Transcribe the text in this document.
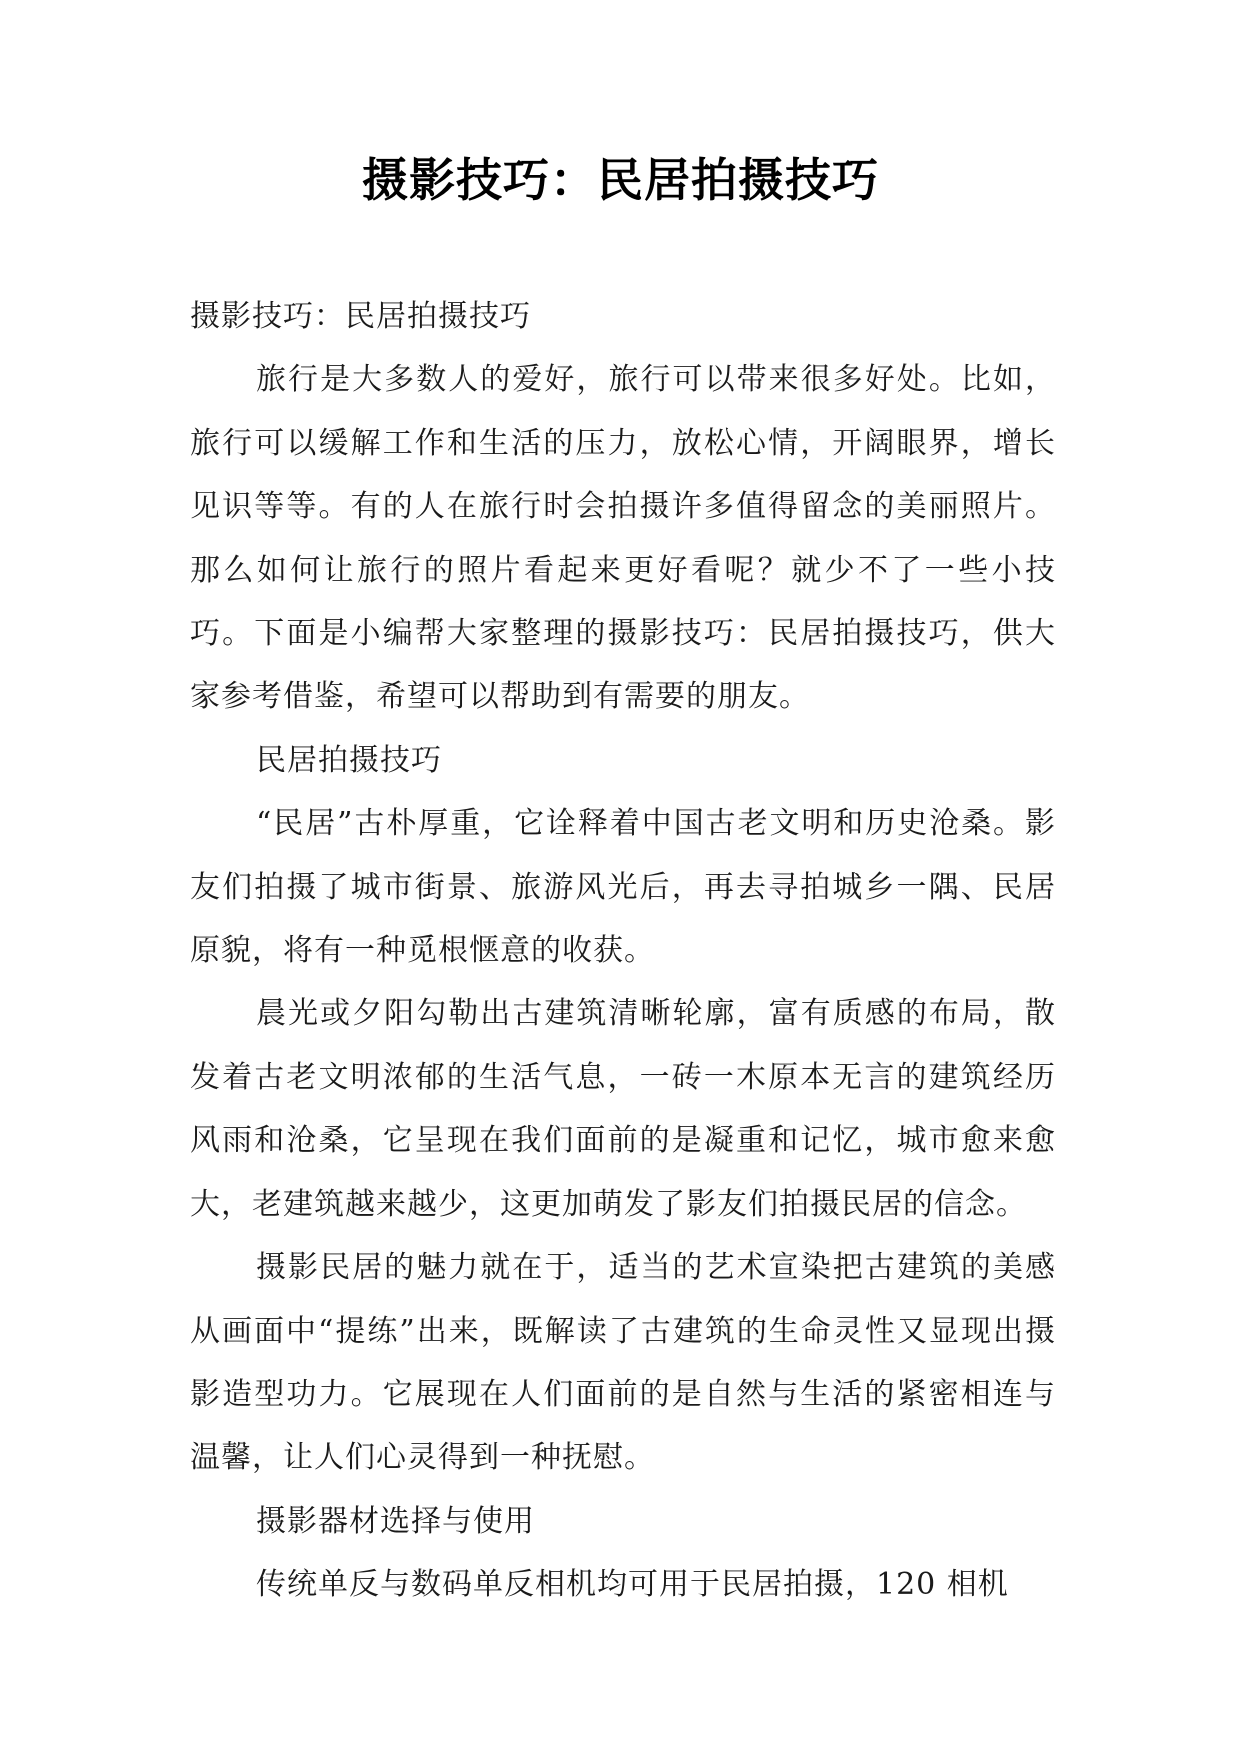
摄影技巧：民居拍摄技巧

摄影技巧：民居拍摄技巧

旅行是大多数人的爱好，旅行可以带来很多好处。比如，旅行可以缓解工作和生活的压力，放松心情，开阔眼界，增长见识等等。有的人在旅行时会拍摄许多值得留念的美丽照片。那么如何让旅行的照片看起来更好看呢？就少不了一些小技巧。下面是小编帮大家整理的摄影技巧：民居拍摄技巧，供大家参考借鉴，希望可以帮助到有需要的朋友。

民居拍摄技巧

“民居”古朴厚重，它诠释着中国古老文明和历史沧桑。影友们拍摄了城市街景、旅游风光后，再去寻拍城乡一隅、民居原貌，将有一种觅根惬意的收获。

晨光或夕阳勾勒出古建筑清晰轮廓，富有质感的布局，散发着古老文明浓郁的生活气息，一砖一木原本无言的建筑经历风雨和沧桑，它呈现在我们面前的是凝重和记忆，城市愈来愈大，老建筑越来越少，这更加萌发了影友们拍摄民居的信念。

摄影民居的魅力就在于，适当的艺术宣染把古建筑的美感从画面中“提练”出来，既解读了古建筑的生命灵性又显现出摄影造型功力。它展现在人们面前的是自然与生活的紧密相连与温馨，让人们心灵得到一种抚慰。

摄影器材选择与使用

传统单反与数码单反相机均可用于民居拍摄，120 相机
